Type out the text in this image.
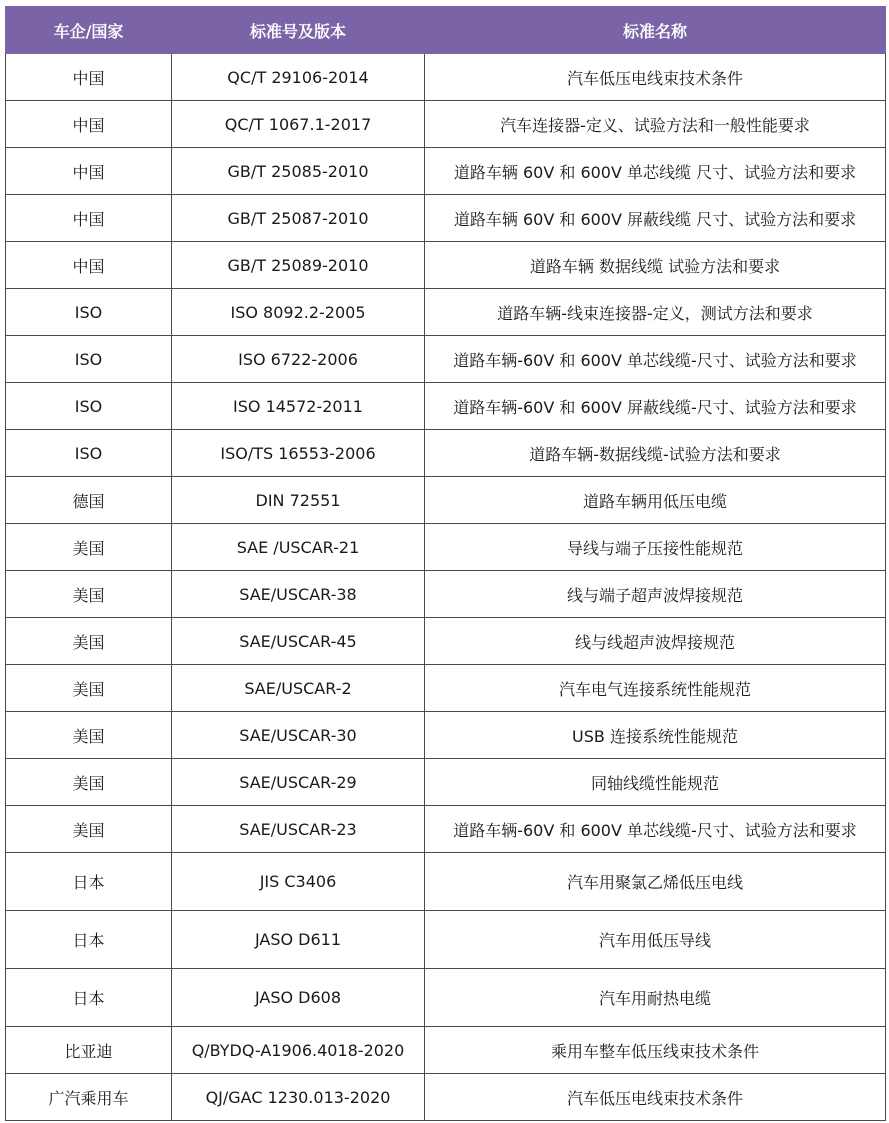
车企/国家	标准号及版本	标准名称
中国	QC/T 29106-2014	汽车低压电线束技术条件
中国	QC/T 1067.1-2017	汽车连接器-定义、试验方法和一般性能要求
中国	GB/T 25085-2010	道路车辆 60V 和 600V 单芯线缆 尺寸、试验方法和要求
中国	GB/T 25087-2010	道路车辆 60V 和 600V 屏蔽线缆 尺寸、试验方法和要求
中国	GB/T 25089-2010	道路车辆 数据线缆 试验方法和要求
ISO	ISO 8092.2-2005	道路车辆-线束连接器-定义，测试方法和要求
ISO	ISO 6722-2006	道路车辆-60V 和 600V 单芯线缆-尺寸、试验方法和要求
ISO	ISO 14572-2011	道路车辆-60V 和 600V 屏蔽线缆-尺寸、试验方法和要求
ISO	ISO/TS 16553-2006	道路车辆-数据线缆-试验方法和要求
德国	DIN 72551	道路车辆用低压电缆
美国	SAE /USCAR-21	导线与端子压接性能规范
美国	SAE/USCAR-38	线与端子超声波焊接规范
美国	SAE/USCAR-45	线与线超声波焊接规范
美国	SAE/USCAR-2	汽车电气连接系统性能规范
美国	SAE/USCAR-30	USB 连接系统性能规范
美国	SAE/USCAR-29	同轴线缆性能规范
美国	SAE/USCAR-23	道路车辆-60V 和 600V 单芯线缆-尺寸、试验方法和要求
日本	JIS C3406	汽车用聚氯乙烯低压电线
日本	JASO D611	汽车用低压导线
日本	JASO D608	汽车用耐热电缆
比亚迪	Q/BYDQ-A1906.4018-2020	乘用车整车低压线束技术条件
广汽乘用车	QJ/GAC 1230.013-2020	汽车低压电线束技术条件
